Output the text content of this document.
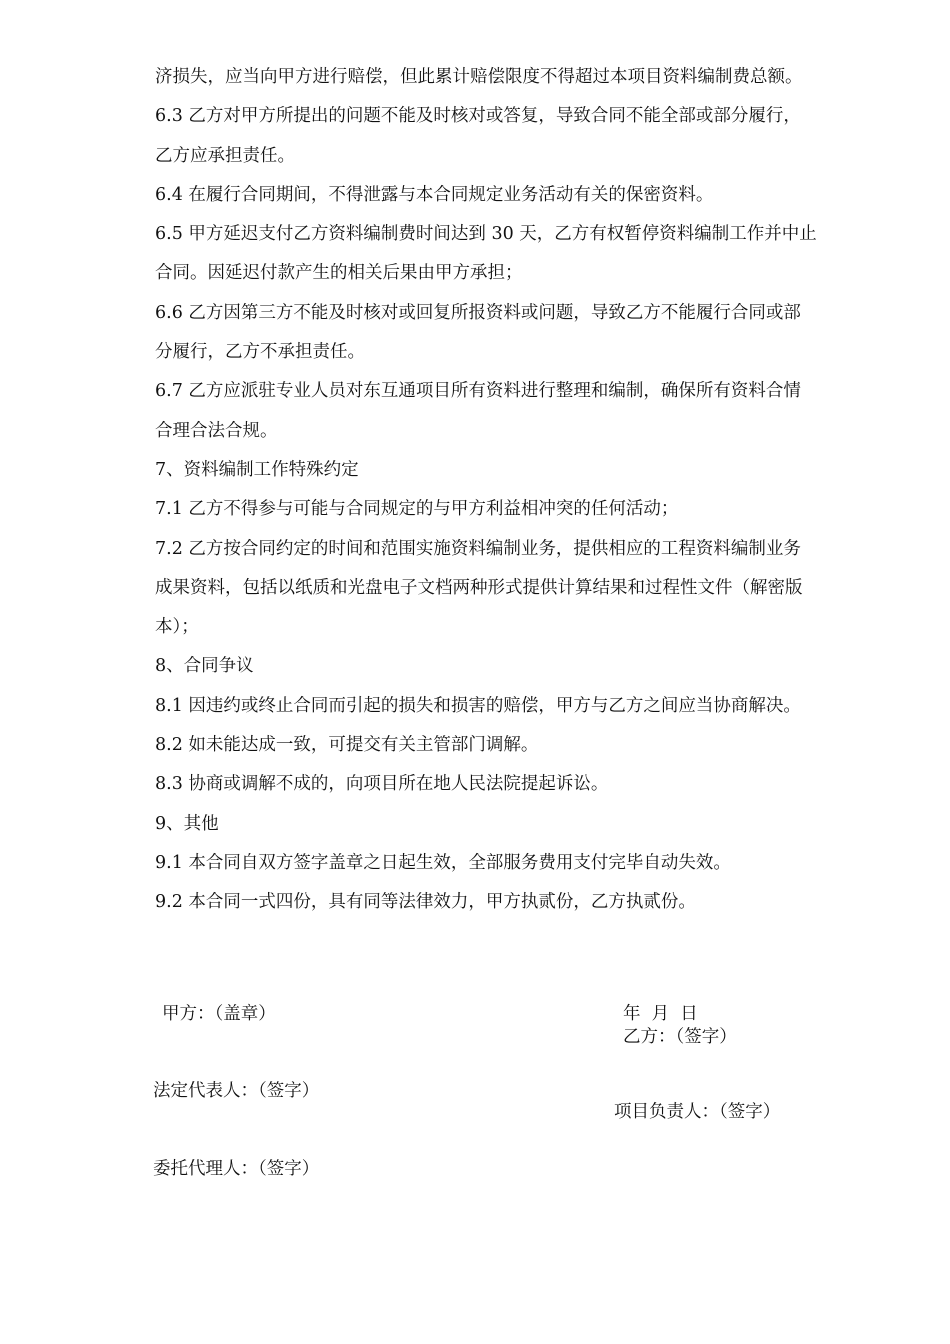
济损失，应当向甲方进行赔偿，但此累计赔偿限度不得超过本项目资料编制费总额。
6.3 乙方对甲方所提出的问题不能及时核对或答复，导致合同不能全部或部分履行，
乙方应承担责任。
6.4 在履行合同期间，不得泄露与本合同规定业务活动有关的保密资料。
6.5 甲方延迟支付乙方资料编制费时间达到 30 天，乙方有权暂停资料编制工作并中止
合同。因延迟付款产生的相关后果由甲方承担；
6.6 乙方因第三方不能及时核对或回复所报资料或问题，导致乙方不能履行合同或部
分履行，乙方不承担责任。
6.7 乙方应派驻专业人员对东互通项目所有资料进行整理和编制，确保所有资料合情
合理合法合规。
7、资料编制工作特殊约定
7.1 乙方不得参与可能与合同规定的与甲方利益相冲突的任何活动；
7.2 乙方按合同约定的时间和范围实施资料编制业务，提供相应的工程资料编制业务
成果资料，包括以纸质和光盘电子文档两种形式提供计算结果和过程性文件（解密版
本）；
8、合同争议
8.1 因违约或终止合同而引起的损失和损害的赔偿，甲方与乙方之间应当协商解决。
8.2 如未能达成一致，可提交有关主管部门调解。
8.3 协商或调解不成的，向项目所在地人民法院提起诉讼。
9、其他
9.1 本合同自双方签字盖章之日起生效，全部服务费用支付完毕自动失效。
9.2 本合同一式四份，具有同等法律效力，甲方执贰份，乙方执贰份。
甲方：（盖章）	年  月  日
乙方：（签字）
法定代表人：（签字）
项目负责人：（签字）
委托代理人：（签字）
